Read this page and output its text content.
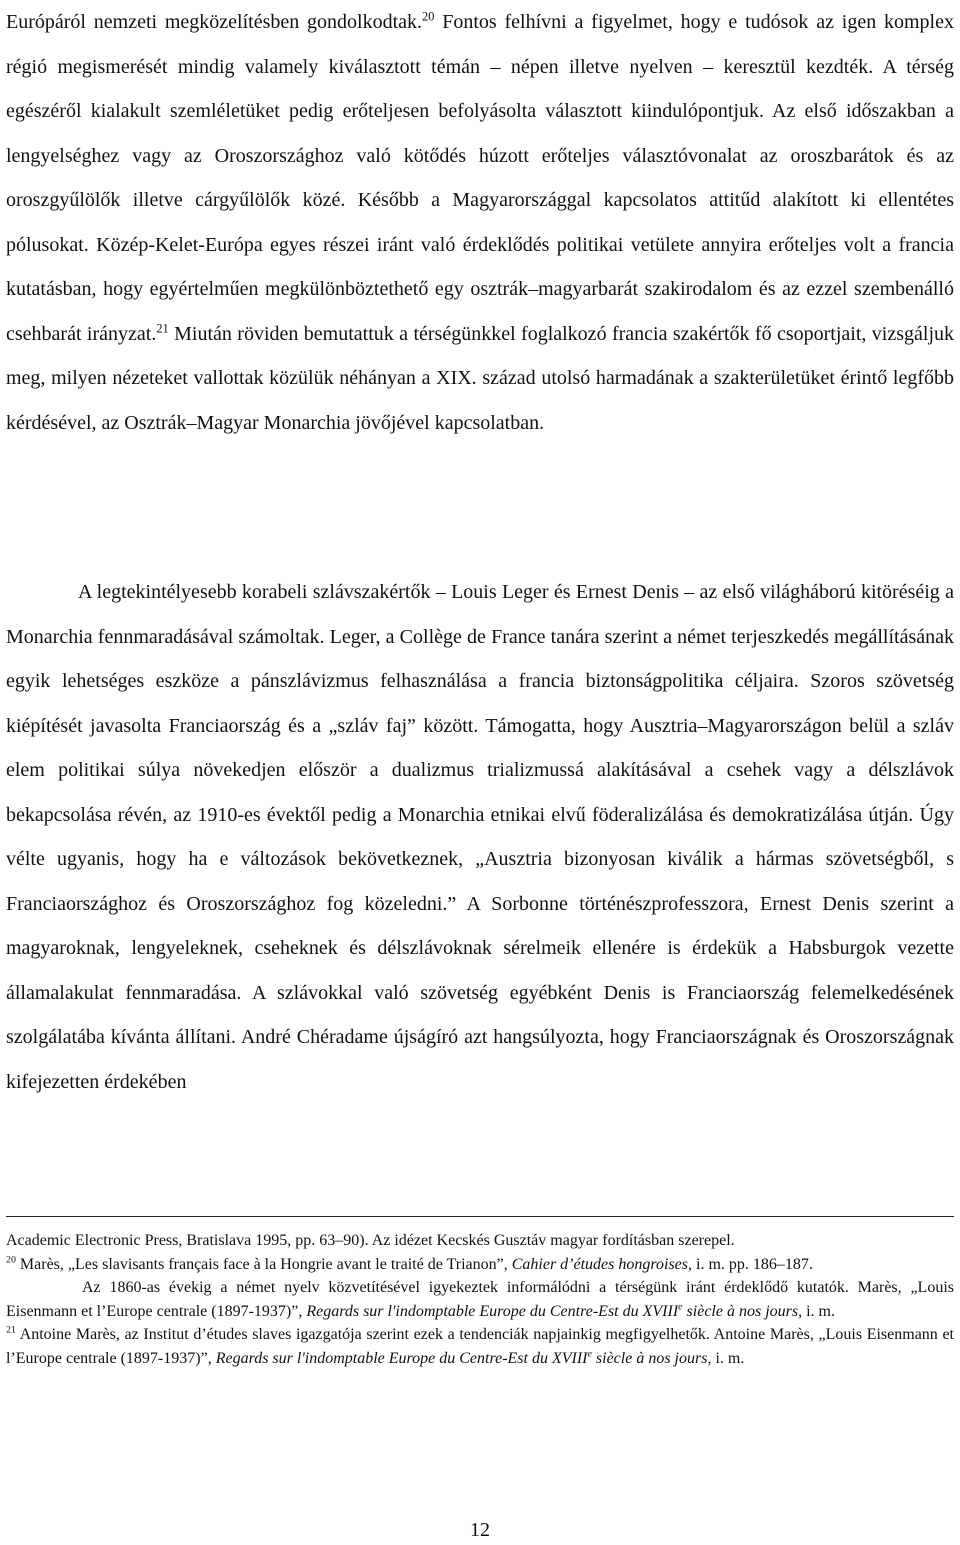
Európáról nemzeti megközelítésben gondolkodtak.$^{20}$ Fontos felhívni a figyelmet, hogy e tudósok az igen komplex régió megismerését mindig valamely kiválasztott témán – népen illetve nyelven – keresztül kezdték. A térség egészéről kialakult szemléletüket pedig erőteljesen befolyásolta választott kiindulópontjuk. Az első időszakban a lengyelséghez vagy az Oroszországhoz való kötődés húzott erőteljes választóvonalat az oroszbarátok és az oroszgyűlölők illetve cárgyűlölők közé. Később a Magyarországgal kapcsolatos attitűd alakított ki ellentétes pólusokat. Közép-Kelet-Európa egyes részei iránt való érdeklődés politikai vetülete annyira erőteljes volt a francia kutatásban, hogy egyértelműen megkülönböztethető egy osztrák–magyarbarát szakirodalom és az ezzel szembenálló csehbarát irányzat.$^{21}$ Miután röviden bemutattuk a térségünkkel foglalkozó francia szakértők fő csoportjait, vizsgáljuk meg, milyen nézeteket vallottak közülük néhányan a XIX. század utolsó harmadának a szakterületüket érintő legfőbb kérdésével, az Osztrák–Magyar Monarchia jövőjével kapcsolatban.

A legtekintélyesebb korabeli szlávszakértők – Louis Leger és Ernest Denis – az első világháború kitöréséig a Monarchia fennmaradásával számoltak. Leger, a Collège de France tanára szerint a német terjeszkedés megállításának egyik lehetséges eszköze a pánszlávizmus felhasználása a francia biztonságpolitika céljaira. Szoros szövetség kiépítését javasolta Franciaország és a „szláv faj” között. Támogatta, hogy Ausztria–Magyarországon belül a szláv elem politikai súlya növekedjen először a dualizmus trializmussá alakításával a csehek vagy a délszlávok bekapcsolása révén, az 1910-es évektől pedig a Monarchia etnikai elvű föderalizálása és demokratizálása útján. Úgy vélte ugyanis, hogy ha e változások bekövetkeznek, „Ausztria bizonyosan kiválik a hármas szövetségből, s Franciaországhoz és Oroszországhoz fog közeledni.” A Sorbonne történészprofesszora, Ernest Denis szerint a magyaroknak, lengyeleknek, cseheknek és délszlávoknak sérelmeik ellenére is érdekük a Habsburgok vezette államalakulat fennmaradása. A szlávokkal való szövetség egyébként Denis is Franciaország felemelkedésének szolgálatába kívánta állítani. André Chéradame újságíró azt hangsúlyozta, hogy Franciaországnak és Oroszországnak kifejezetten érdekében

Academic Electronic Press, Bratislava 1995, pp. 63–90). Az idézet Kecskés Gusztáv magyar fordításban szerepel.

$^{20}$ Marès, „Les slavisants français face à la Hongrie avant le traité de Trianon”, Cahier d’études hongroises, i. m. pp. 186–187.

Az 1860-as évekig a német nyelv közvetítésével igyekeztek informálódni a térségünk iránt érdeklődő kutatók. Marès, „Louis Eisenmann et l’Europe centrale (1897-1937)”, Regards sur l'indomptable Europe du Centre-Est du XVIIIe siècle à nos jours, i. m.

$^{21}$ Antoine Marès, az Institut d’études slaves igazgatója szerint ezek a tendenciák napjainkig megfigyelhetők. Antoine Marès, „Louis Eisenmann et l’Europe centrale (1897-1937)”, Regards sur l'indomptable Europe du Centre-Est du XVIIIe siècle à nos jours, i. m.

12
